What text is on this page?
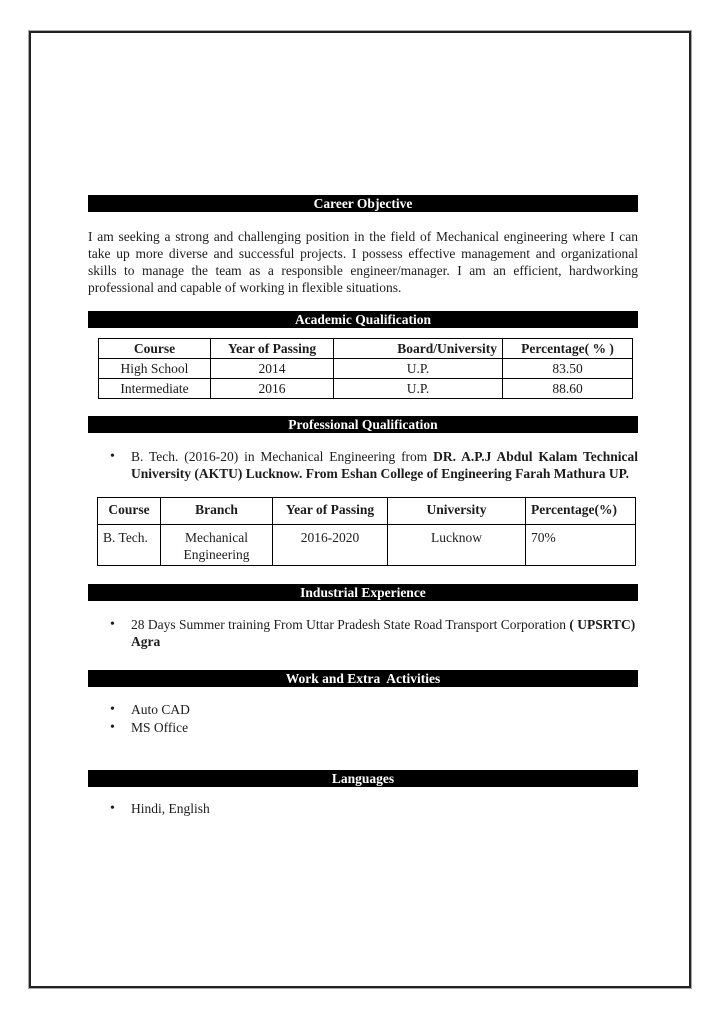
Career Objective

I am seeking a strong and challenging position in the field of Mechanical engineering where I can take up more diverse and successful projects. I possess effective management and organizational skills to manage the team as a responsible engineer/manager. I am an efficient, hardworking professional and capable of working in flexible situations.

Academic Qualification
Course	Year of Passing	Board/University	Percentage( % )
High School	2014	U.P.	83.50
Intermediate	2016	U.P.	88.60
Professional Qualification
• B. Tech. (2016-20) in Mechanical Engineering from DR. A.P.J Abdul Kalam Technical University (AKTU) Lucknow. From Eshan College of Engineering Farah Mathura UP.
Course	Branch	Year of Passing	University	Percentage(%)
B. Tech.	Mechanical Engineering	2016-2020	Lucknow	70%
Industrial Experience
• 28 Days Summer training From Uttar Pradesh State Road Transport Corporation ( UPSRTC) Agra
Work and Extra  Activities
• Auto CAD
• MS Office
Languages
• Hindi, English
